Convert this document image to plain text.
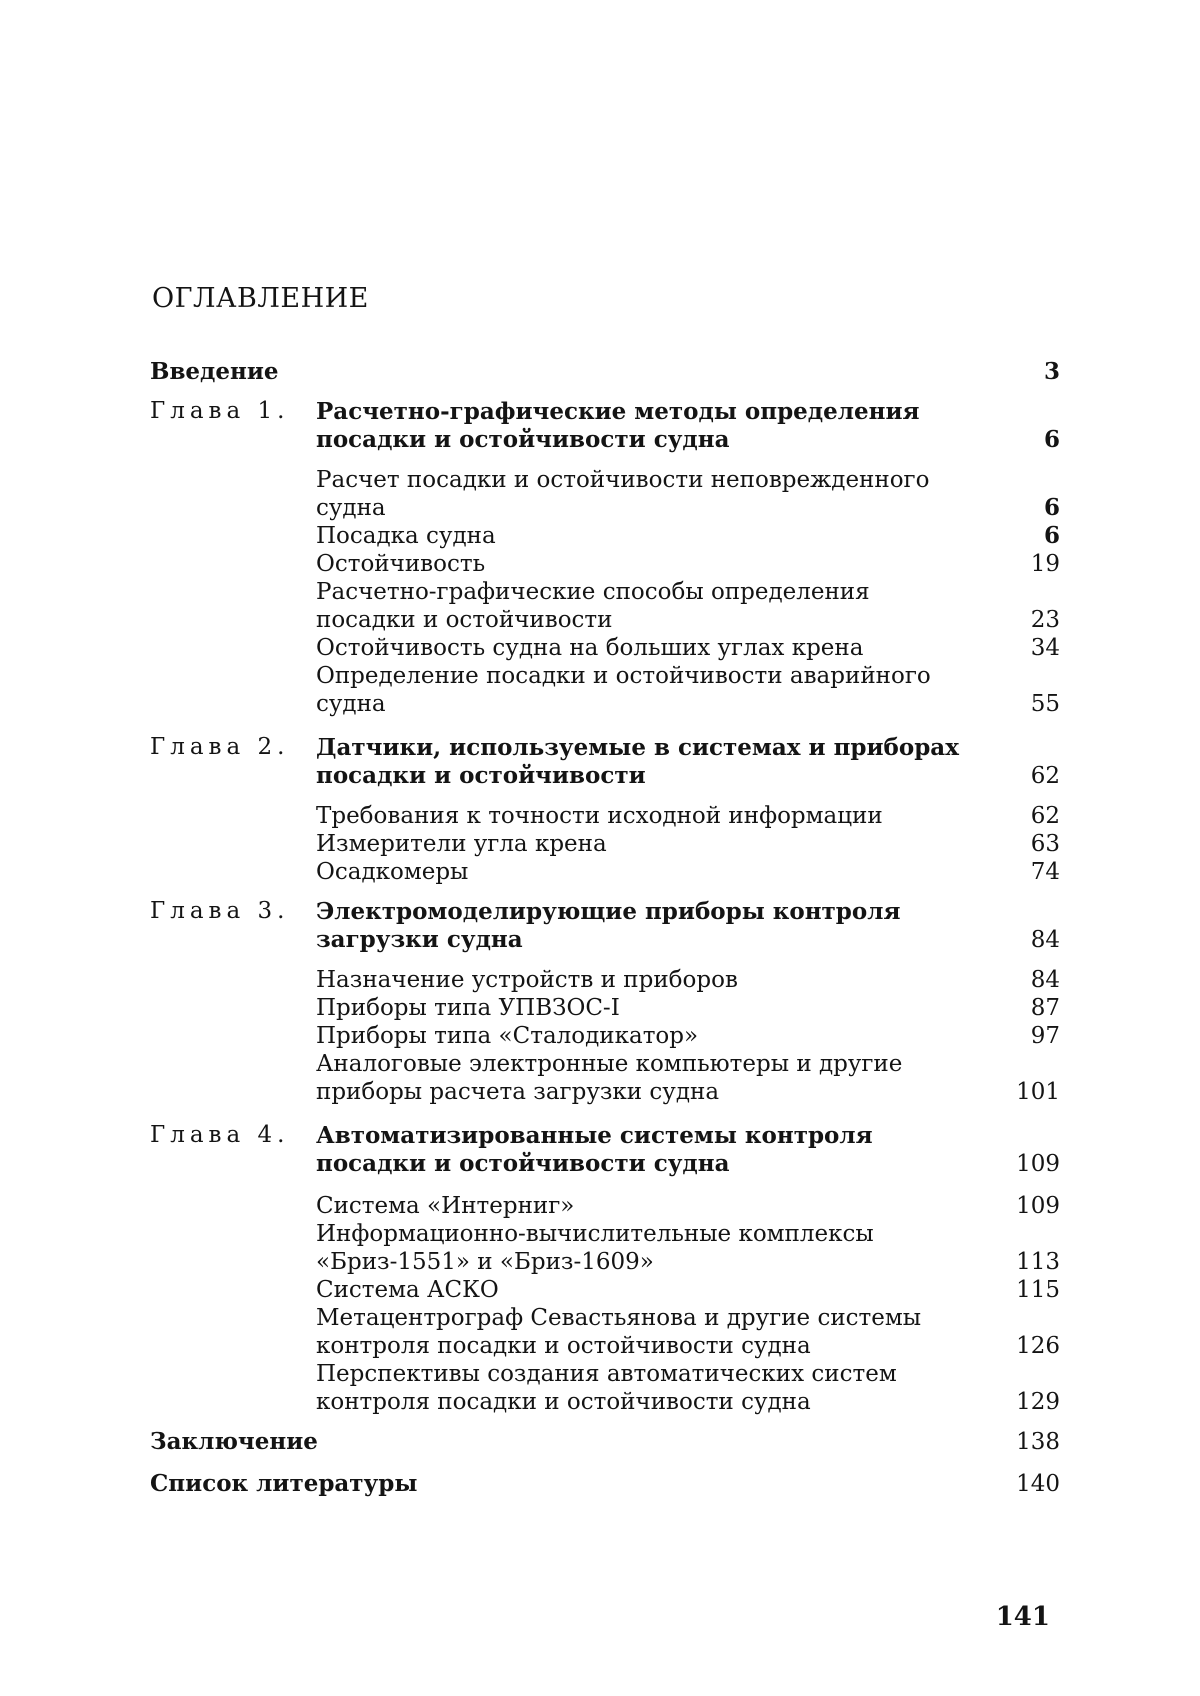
ОГЛАВЛЕНИЕ
Введение	3
Глава 1. Расчетно-графические методы определения посадки и остойчивости судна	6
Расчет посадки и остойчивости неповрежденного судна	6
Посадка судна	6
Остойчивость	19
Расчетно-графические способы определения посадки и остойчивости	23
Остойчивость судна на больших углах крена	34
Определение посадки и остойчивости аварийного судна	55
Глава 2. Датчики, используемые в системах и приборах посадки и остойчивости	62
Требования к точности исходной информации	62
Измерители угла крена	63
Осадкомеры	74
Глава 3. Электромоделирующие приборы контроля загрузки судна	84
Назначение устройств и приборов	84
Приборы типа УПВЗОС-I	87
Приборы типа «Сталодикатор»	97
Аналоговые электронные компьютеры и другие приборы расчета загрузки судна	101
Глава 4. Автоматизированные системы контроля посадки и остойчивости судна	109
Система «Интерниг»	109
Информационно-вычислительные комплексы «Бриз-1551» и «Бриз-1609»	113
Система АСКО	115
Метацентрограф Севастьянова и другие системы контроля посадки и остойчивости судна	126
Перспективы создания автоматических систем контроля посадки и остойчивости судна	129
Заключение	138
Список литературы	140
141
